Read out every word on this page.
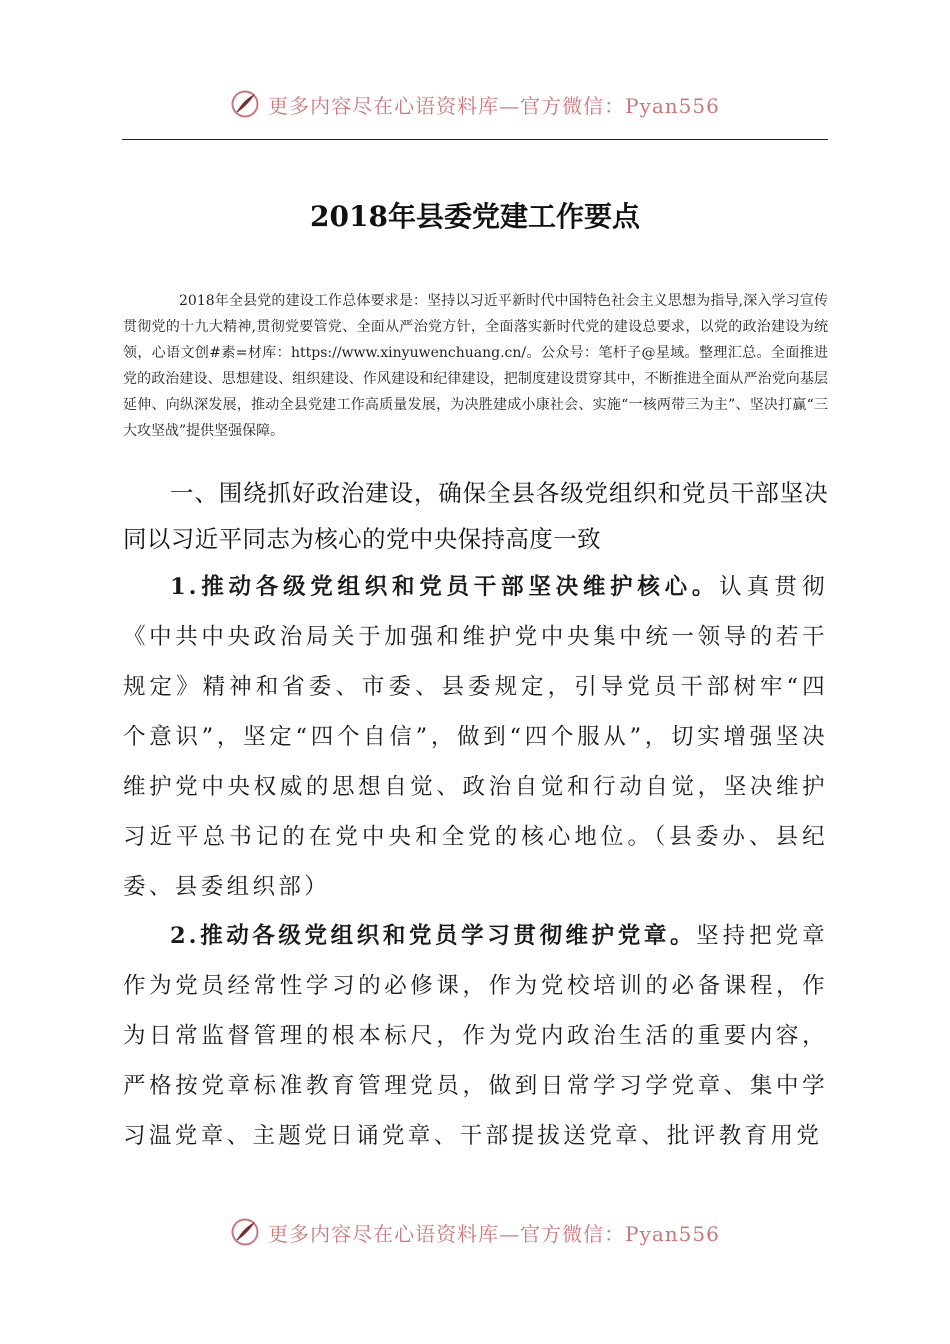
更多内容尽在心语资料库—官方微信：Pyan556
2018年县委党建工作要点
2018年全县党的建设工作总体要求是：坚持以习近平新时代中国特色社会主义思想为指导,深入学习宣传贯彻党的十九大精神,贯彻党要管党、全面从严治党方针，全面落实新时代党的建设总要求，以党的政治建设为统领，心语文创#素=材库：https://www.xinyuwenchuang.cn/。公众号：笔杆子@星域。整理汇总。全面推进党的政治建设、思想建设、组织建设、作风建设和纪律建设，把制度建设贯穿其中，不断推进全面从严治党向基层延伸、向纵深发展，推动全县党建工作高质量发展，为决胜建成小康社会、实施“一核两带三为主”、坚决打赢“三大攻坚战”提供坚强保障。
一、围绕抓好政治建设，确保全县各级党组织和党员干部坚决同以习近平同志为核心的党中央保持高度一致
1.推动各级党组织和党员干部坚决维护核心。认真贯彻《中共中央政治局关于加强和维护党中央集中统一领导的若干规定》精神和省委、市委、县委规定，引导党员干部树牢“四个意识”，坚定“四个自信”，做到“四个服从”，切实增强坚决维护党中央权威的思想自觉、政治自觉和行动自觉，坚决维护习近平总书记的在党中央和全党的核心地位。（县委办、县纪委、县委组织部）
2.推动各级党组织和党员学习贯彻维护党章。坚持把党章作为党员经常性学习的必修课，作为党校培训的必备课程，作为日常监督管理的根本标尺，作为党内政治生活的重要内容，严格按党章标准教育管理党员，做到日常学习学党章、集中学习温党章、主题党日诵党章、干部提拔送党章、批评教育用党
更多内容尽在心语资料库—官方微信：Pyan556
